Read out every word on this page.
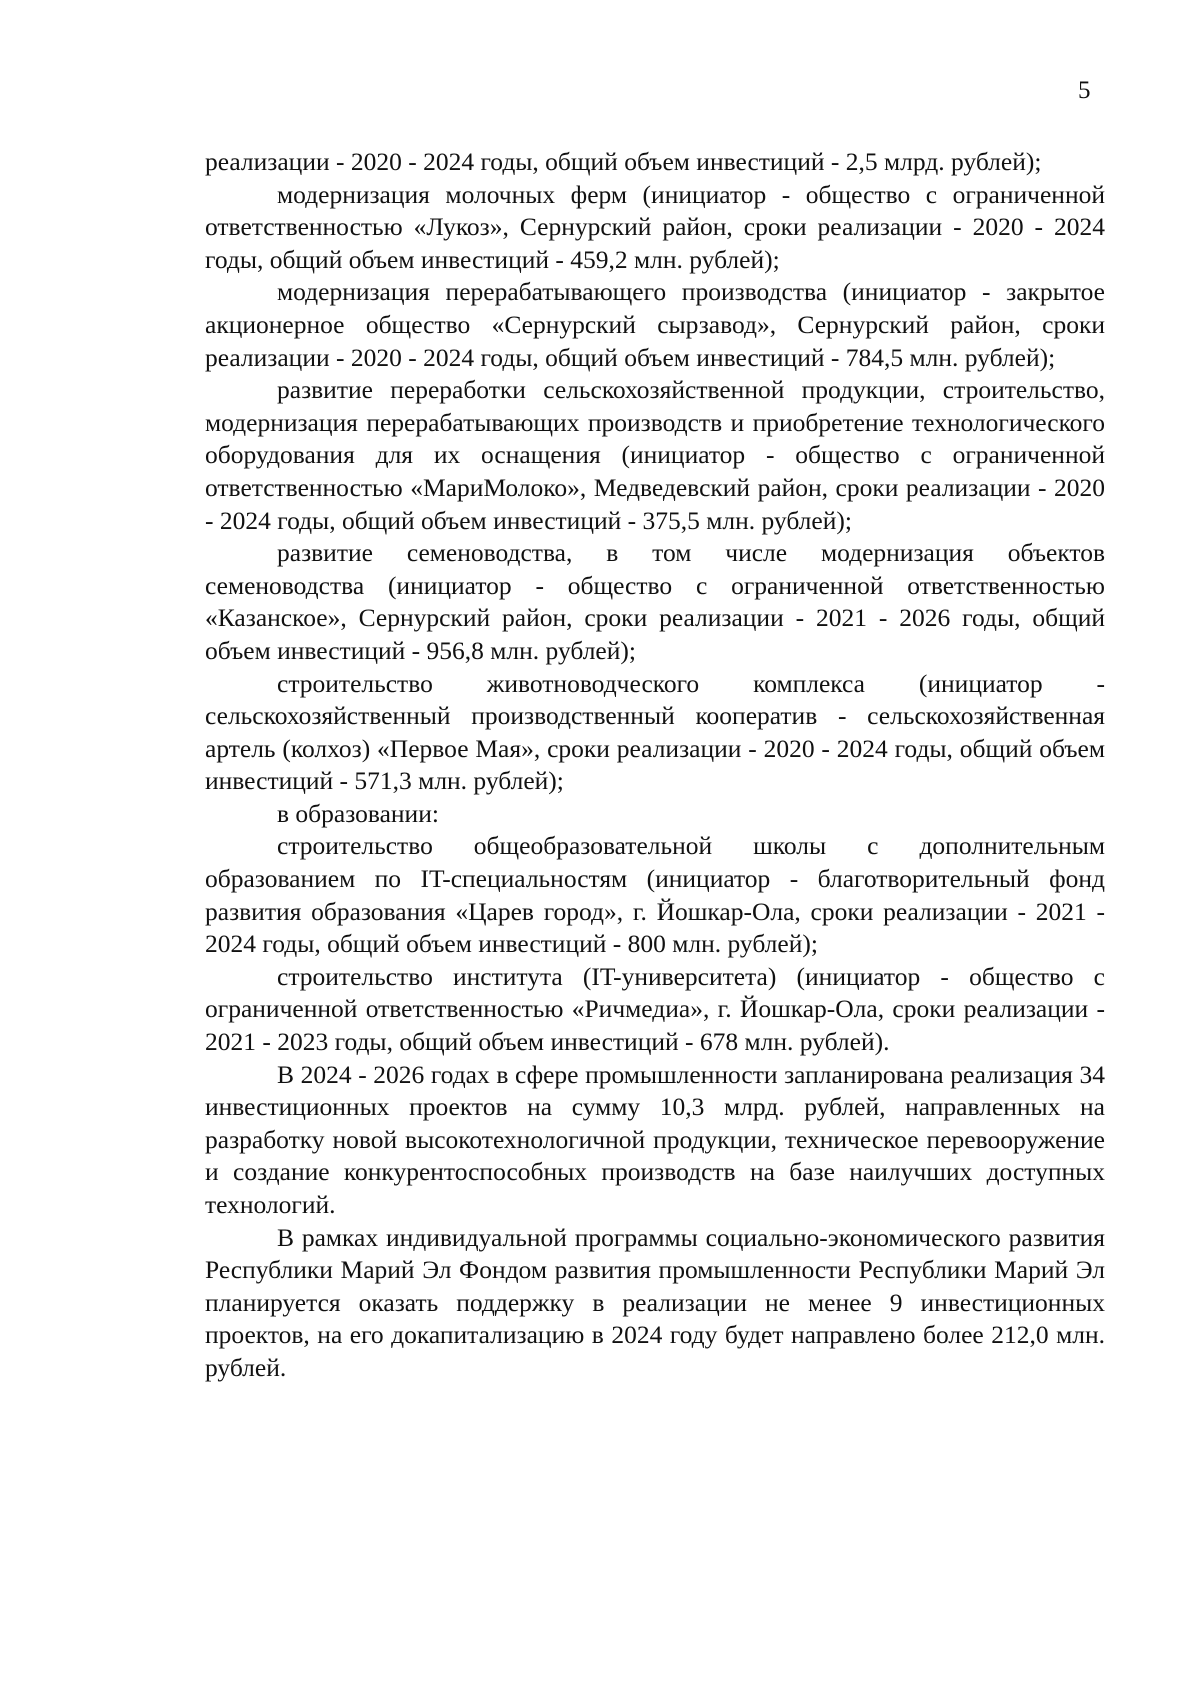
5

реализации - 2020 - 2024 годы, общий объем инвестиций - 2,5 млрд. рублей);

модернизация молочных ферм (инициатор - общество с ограниченной ответственностью «Лукоз», Сернурский район, сроки реализации - 2020 - 2024 годы, общий объем инвестиций - 459,2 млн. рублей);

модернизация перерабатывающего производства (инициатор - закрытое акционерное общество «Сернурский сырзавод», Сернурский район, сроки реализации - 2020 - 2024 годы, общий объем инвестиций - 784,5 млн. рублей);

развитие переработки сельскохозяйственной продукции, строительство, модернизация перерабатывающих производств и приобретение технологического оборудования для их оснащения (инициатор - общество с ограниченной ответственностью «МариМолоко», Медведевский район, сроки реализации - 2020 - 2024 годы, общий объем инвестиций - 375,5 млн. рублей);

развитие семеноводства, в том числе модернизация объектов семеноводства (инициатор - общество с ограниченной ответственностью «Казанское», Сернурский район, сроки реализации - 2021 - 2026 годы, общий объем инвестиций - 956,8 млн. рублей);

строительство животноводческого комплекса (инициатор - сельскохозяйственный производственный кооператив - сельскохозяйственная артель (колхоз) «Первое Мая», сроки реализации - 2020 - 2024 годы, общий объем инвестиций - 571,3 млн. рублей);

в образовании:

строительство общеобразовательной школы с дополнительным образованием по IT-специальностям (инициатор - благотворительный фонд развития образования «Царев город», г. Йошкар-Ола, сроки реализации - 2021 - 2024 годы, общий объем инвестиций - 800 млн. рублей);

строительство института (IT-университета) (инициатор - общество с ограниченной ответственностью «Ричмедиа», г. Йошкар-Ола, сроки реализации - 2021 - 2023 годы, общий объем инвестиций - 678 млн. рублей).

В 2024 - 2026 годах в сфере промышленности запланирована реализация 34 инвестиционных проектов на сумму 10,3 млрд. рублей, направленных на разработку новой высокотехнологичной продукции, техническое перевооружение и создание конкурентоспособных производств на базе наилучших доступных технологий.

В рамках индивидуальной программы социально-экономического развития Республики Марий Эл Фондом развития промышленности Республики Марий Эл планируется оказать поддержку в реализации не менее 9 инвестиционных проектов, на его докапитализацию в 2024 году будет направлено более 212,0 млн. рублей.
